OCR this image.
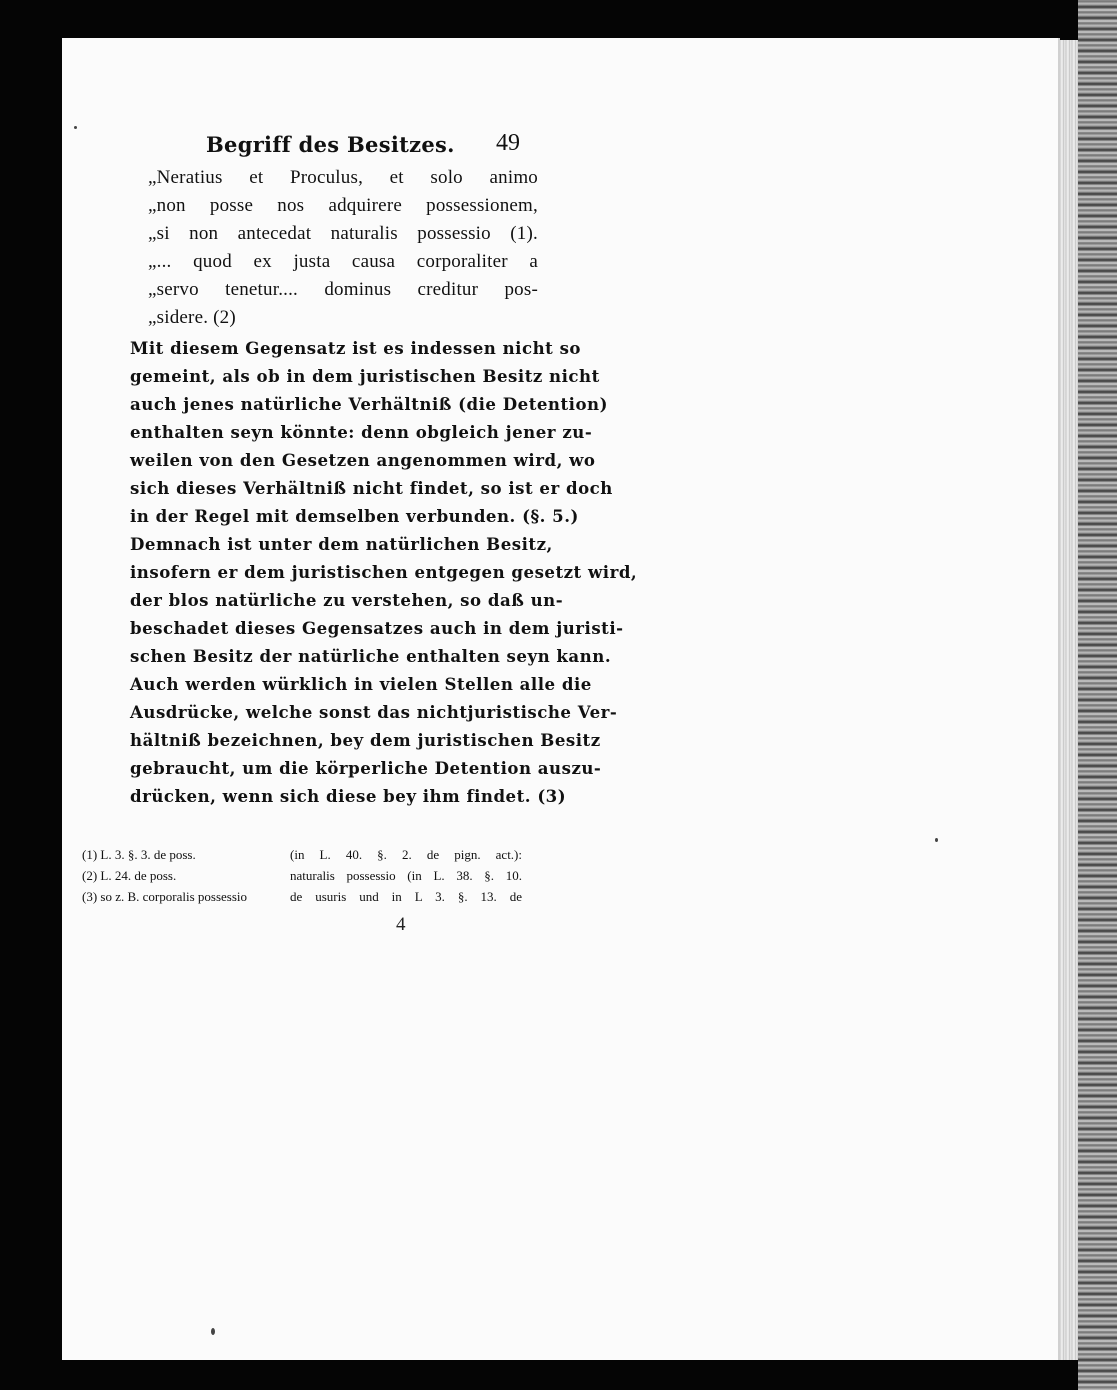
Begriff des Besitzes. 49
„Neratius et Proculus, et solo animo
„non posse nos adquirere possessionem,
„si non antecedat naturalis possessio (1).
„... quod ex justa causa corporaliter a
„servo tenetur.... dominus creditur pos-
„sidere. (2)
Mit diesem Gegensatz ist es indessen nicht so
gemeint, als ob in dem juristischen Besitz nicht
auch jenes natürliche Verhältniß (die Detention)
enthalten seyn könnte: denn obgleich jener zu-
weilen von den Gesetzen angenommen wird, wo
sich dieses Verhältniß nicht findet, so ist er doch
in der Regel mit demselben verbunden. (§. 5.)
Demnach ist unter dem natürlichen Besitz,
insofern er dem juristischen entgegen gesetzt wird,
der blos natürliche zu verstehen, so daß un-
beschadet dieses Gegensatzes auch in dem juristi-
schen Besitz der natürliche enthalten seyn kann.
Auch werden würklich in vielen Stellen alle die
Ausdrücke, welche sonst das nichtjuristische Ver-
hältniß bezeichnen, bey dem juristischen Besitz
gebraucht, um die körperliche Detention auszu-
drücken, wenn sich diese bey ihm findet. (3)
(1) L. 3. §. 3. de poss.
(2) L. 24. de poss.
(3) so z. B. corporalis possessio
(in L. 40. §. 2. de pign. act.):
naturalis possessio (in L. 38. §. 10.
de usuris und in L 3. §. 13. de
4
